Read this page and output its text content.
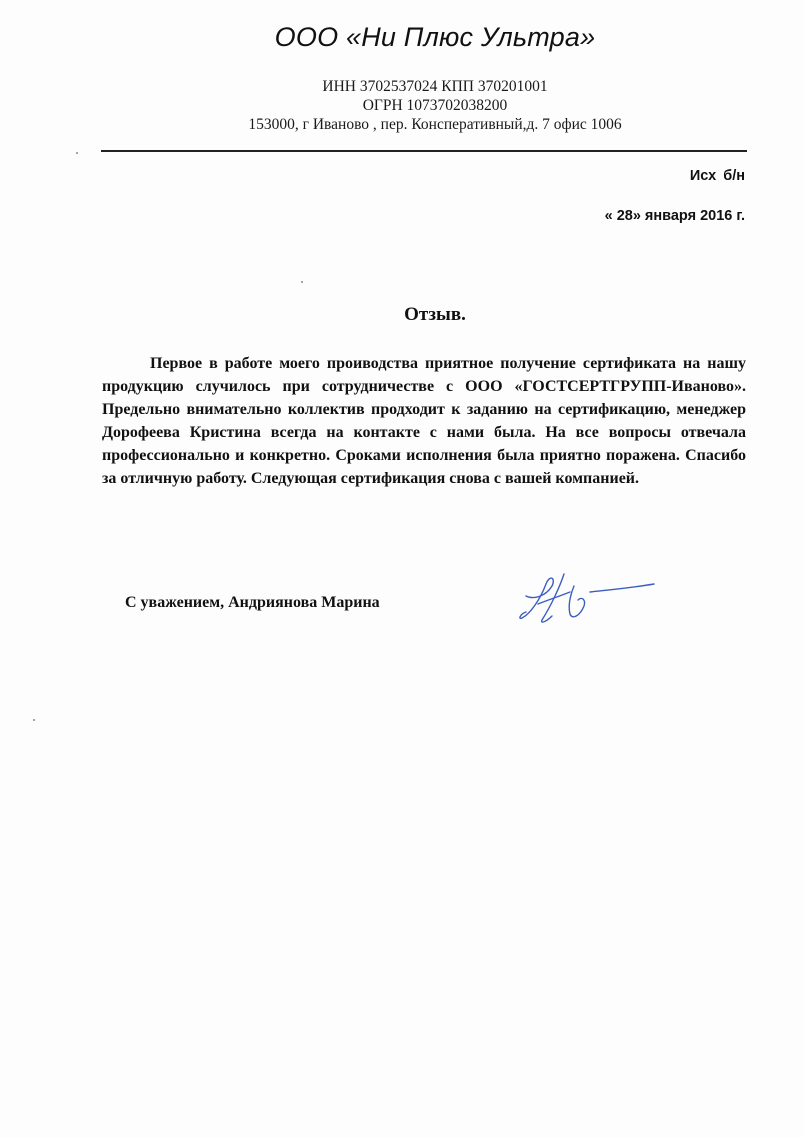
ООО «Ни Плюс Ультра»
ИНН 3702537024 КПП 370201001
ОГРН 1073702038200
153000, г Иваново , пер. Консперативный,д. 7 офис 1006
Исх б/н
« 28» января 2016 г.
Отзыв.

Первое в работе моего проиводства приятное получение сертификата на нашу продукцию случилось при сотрудничестве с ООО «ГОСТСЕРТГРУПП-Иваново». Предельно внимательно коллектив продходит к заданию на сертификацию, менеджер Дорофеева Кристина всегда на контакте с нами была. На все вопросы отвечала профессионально и конкретно. Сроками исполнения была приятно поражена. Спасибо за отличную работу. Следующая сертификация снова с вашей компанией.

С уважением, Андриянова Марина
